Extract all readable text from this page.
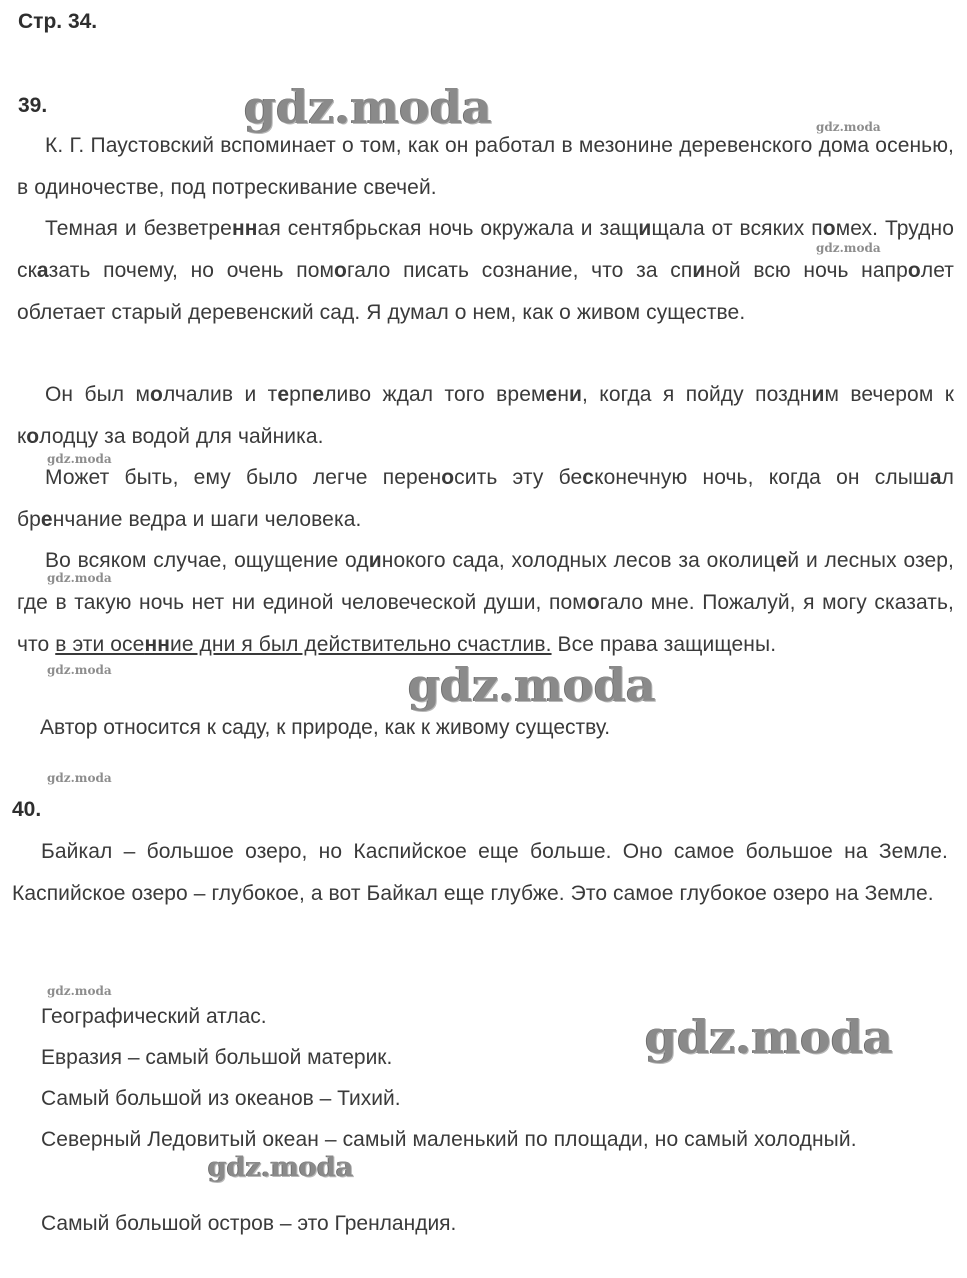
Стр. 34.
39.

К. Г. Паустовский вспоминает о том, как он работал в мезонине деревенского дома осенью, в одиночестве, под потрескивание свечей.

Темная и безветренная сентябрьская ночь окружала и защищала от всяких помех. Трудно сказать почему, но очень помогало писать сознание, что за спиной всю ночь напролет облетает старый деревенский сад. Я думал о нем, как о живом существе.

Он был молчалив и терпеливо ждал того времени, когда я пойду поздним вечером к колодцу за водой для чайника.

Может быть, ему было легче переносить эту бесконечную ночь, когда он слышал бренчание ведра и шаги человека.

Во всяком случае, ощущение одинокого сада, холодных лесов за околицей и лесных озер, где в такую ночь нет ни единой человеческой души, помогало мне. Пожалуй, я могу сказать, что в эти осенние дни я был действительно счастлив. Все права защищены.

Автор относится к саду, к природе, как к живому существу.
40.

Байкал – большое озеро, но Каспийское еще больше. Оно самое большое на Земле. Каспийское озеро – глубокое, а вот Байкал еще глубже. Это самое глубокое озеро на Земле.

Географический атлас.
Евразия – самый большой материк.
Самый большой из океанов – Тихий.

Северный Ледовитый океан – самый маленький по площади, но самый холодный.

Самый большой остров – это Гренландия.
gdz.moda
gdz.moda
gdz.moda
gdz.moda
gdz.moda
gdz.moda
gdz.moda
gdz.moda
gdz.moda
gdz.moda
gdz.moda
